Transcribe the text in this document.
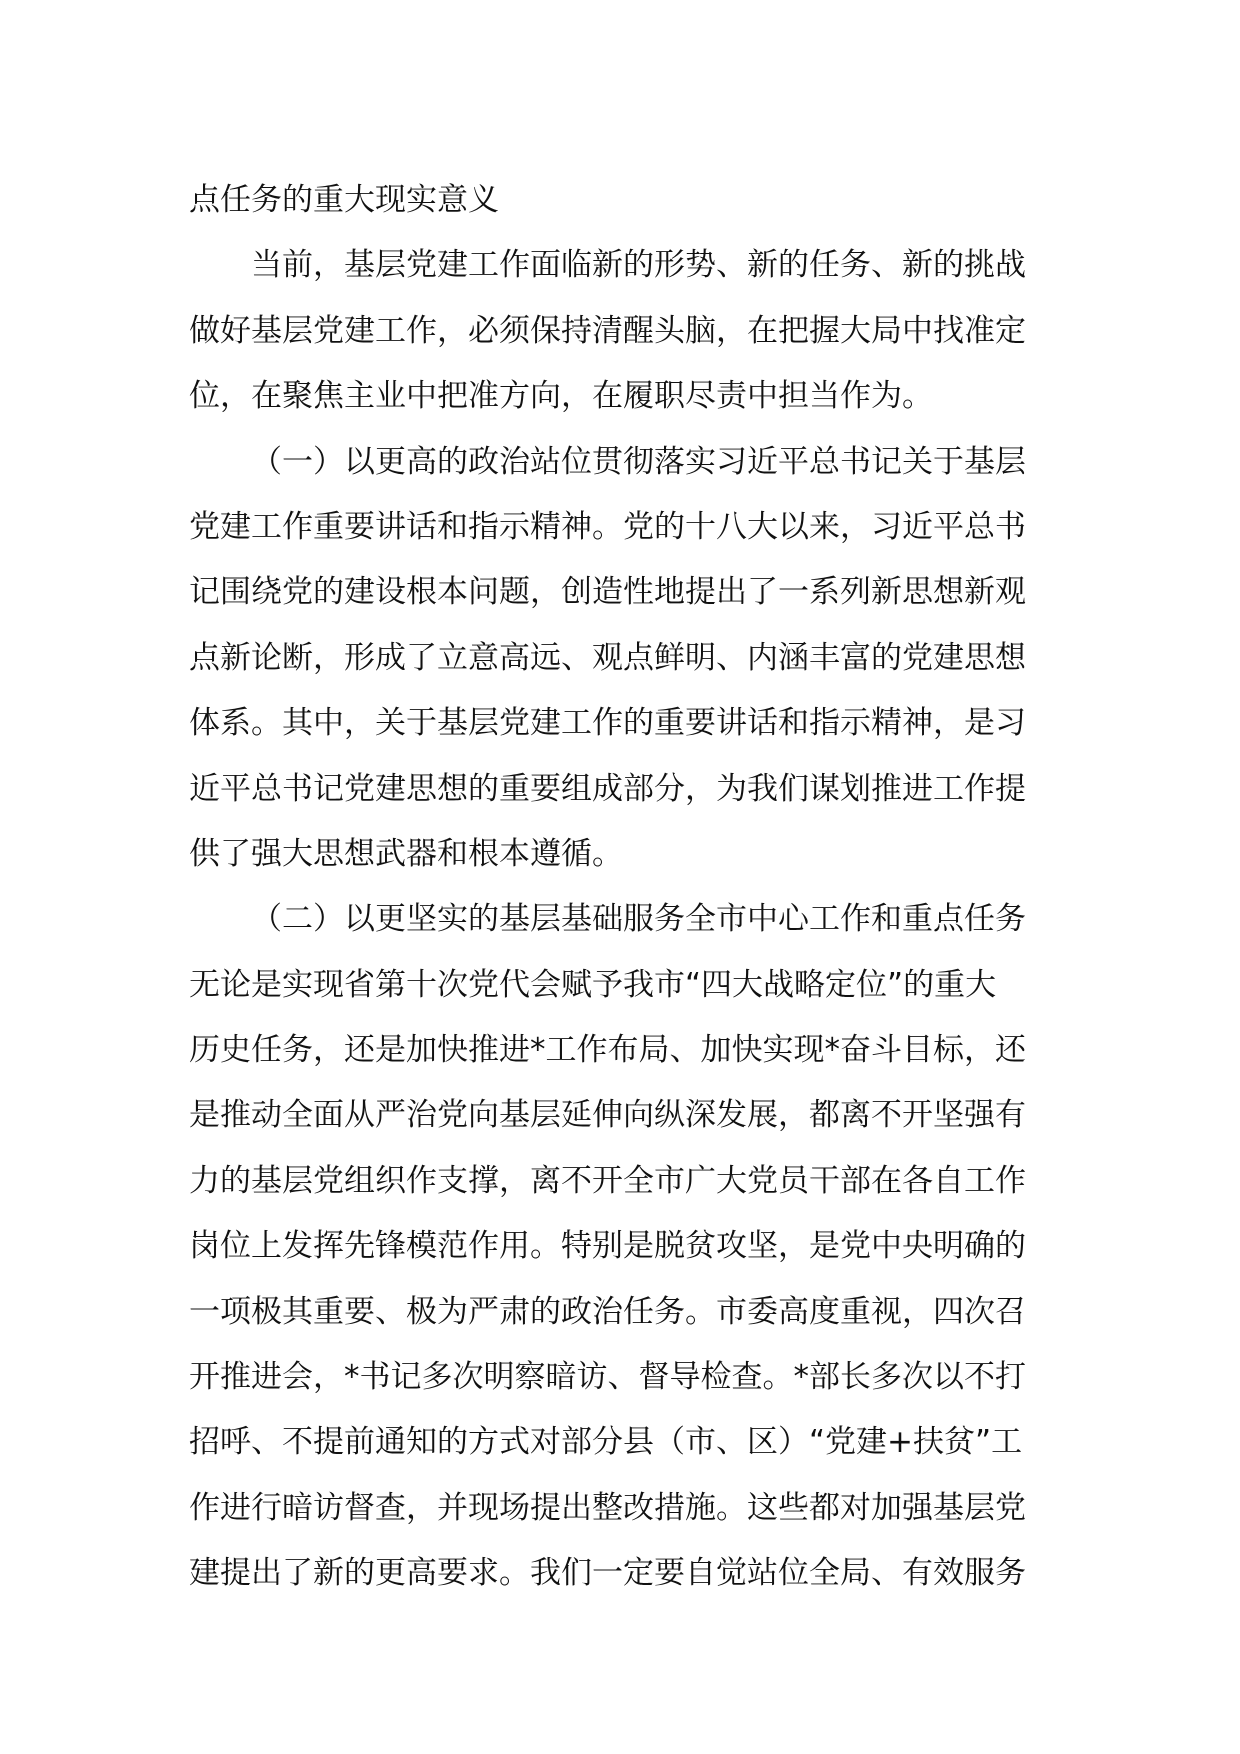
点任务的重大现实意义
当前，基层党建工作面临新的形势、新的任务、新的挑战
做好基层党建工作，必须保持清醒头脑，在把握大局中找准定
位，在聚焦主业中把准方向，在履职尽责中担当作为。
（一）以更高的政治站位贯彻落实习近平总书记关于基层
党建工作重要讲话和指示精神。党的十八大以来，习近平总书
记围绕党的建设根本问题，创造性地提出了一系列新思想新观
点新论断，形成了立意高远、观点鲜明、内涵丰富的党建思想
体系。其中，关于基层党建工作的重要讲话和指示精神，是习
近平总书记党建思想的重要组成部分，为我们谋划推进工作提
供了强大思想武器和根本遵循。
（二）以更坚实的基层基础服务全市中心工作和重点任务
无论是实现省第十次党代会赋予我市“四大战略定位”的重大
历史任务，还是加快推进*工作布局、加快实现*奋斗目标，还
是推动全面从严治党向基层延伸向纵深发展，都离不开坚强有
力的基层党组织作支撑，离不开全市广大党员干部在各自工作
岗位上发挥先锋模范作用。特别是脱贫攻坚，是党中央明确的
一项极其重要、极为严肃的政治任务。市委高度重视，四次召
开推进会，*书记多次明察暗访、督导检查。*部长多次以不打
招呼、不提前通知的方式对部分县（市、区）“党建+扶贫”工
作进行暗访督查，并现场提出整改措施。这些都对加强基层党
建提出了新的更高要求。我们一定要自觉站位全局、有效服务
